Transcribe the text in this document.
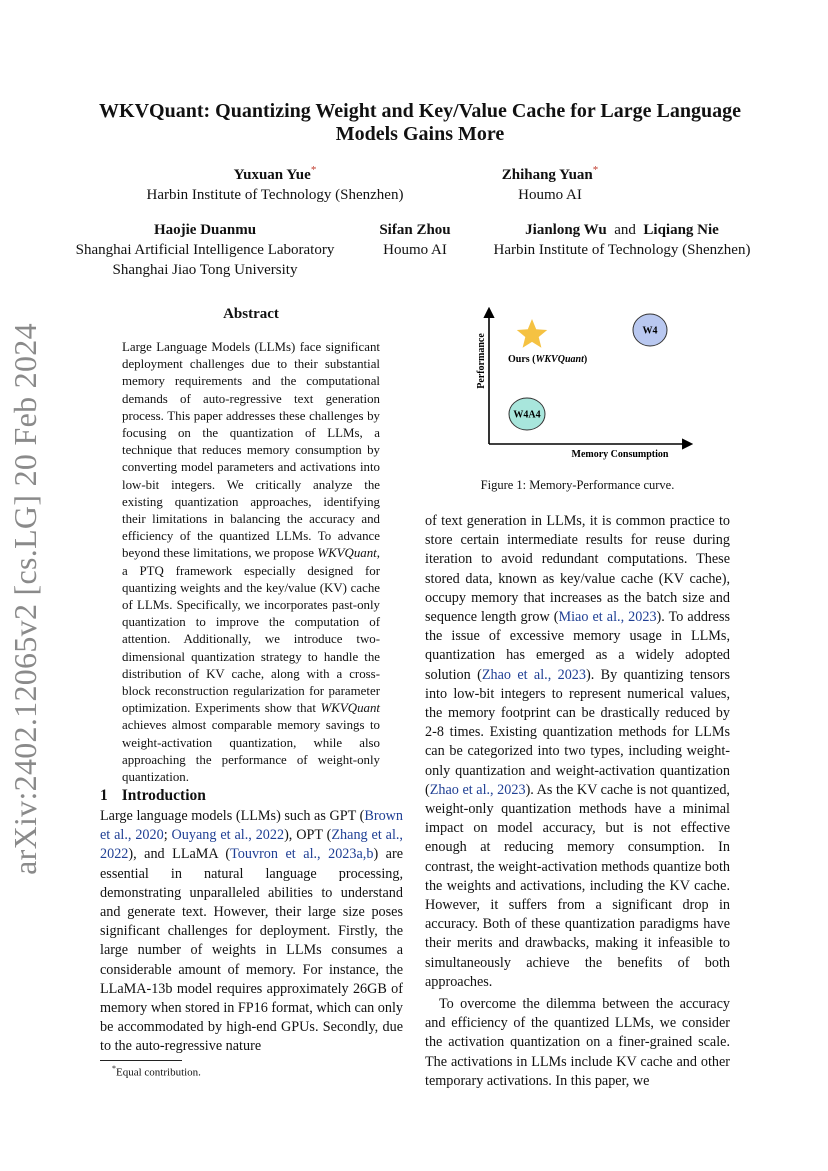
arXiv:2402.12065v2 [cs.LG] 20 Feb 2024
WKVQuant: Quantizing Weight and Key/Value Cache for Large Language
Models Gains More
Yuxuan Yue*
Harbin Institute of Technology (Shenzhen)
Zhihang Yuan*
Houmo AI
Haojie Duanmu
Shanghai Artificial Intelligence Laboratory
Shanghai Jiao Tong University
Sifan Zhou
Houmo AI
Jianlong Wu and Liqiang Nie
Harbin Institute of Technology (Shenzhen)
Abstract
Large Language Models (LLMs) face significant deployment challenges due to their substantial memory requirements and the computational demands of auto-regressive text generation process. This paper addresses these challenges by focusing on the quantization of LLMs, a technique that reduces memory consumption by converting model parameters and activations into low-bit integers. We critically analyze the existing quantization approaches, identifying their limitations in balancing the accuracy and efficiency of the quantized LLMs. To advance beyond these limitations, we propose WKVQuant, a PTQ framework especially designed for quantizing weights and the key/value (KV) cache of LLMs. Specifically, we incorporates past-only quantization to improve the computation of attention. Additionally, we introduce two-dimensional quantization strategy to handle the distribution of KV cache, along with a cross-block reconstruction regularization for parameter optimization. Experiments show that WKVQuant achieves almost comparable memory savings to weight-activation quantization, while also approaching the performance of weight-only quantization.
1 Introduction
Large language models (LLMs) such as GPT (Brown et al., 2020; Ouyang et al., 2022), OPT (Zhang et al., 2022), and LLaMA (Touvron et al., 2023a,b) are essential in natural language processing, demonstrating unparalleled abilities to understand and generate text. However, their large size poses significant challenges for deployment. Firstly, the large number of weights in LLMs consumes a considerable amount of memory. For instance, the LLaMA-13b model requires approximately 26GB of memory when stored in FP16 format, which can only be accommodated by high-end GPUs. Secondly, due to the auto-regressive nature
*Equal contribution.
Performance
Memory Consumption
Ours (WKVQuant)
W4
W4A4
Figure 1: Memory-Performance curve.

of text generation in LLMs, it is common practice to store certain intermediate results for reuse during iteration to avoid redundant computations. These stored data, known as key/value cache (KV cache), occupy memory that increases as the batch size and sequence length grow (Miao et al., 2023). To address the issue of excessive memory usage in LLMs, quantization has emerged as a widely adopted solution (Zhao et al., 2023). By quantizing tensors into low-bit integers to represent numerical values, the memory footprint can be drastically reduced by 2-8 times. Existing quantization methods for LLMs can be categorized into two types, including weight-only quantization and weight-activation quantization (Zhao et al., 2023). As the KV cache is not quantized, weight-only quantization methods have a minimal impact on model accuracy, but is not effective enough at reducing memory consumption. In contrast, the weight-activation methods quantize both the weights and activations, including the KV cache. However, it suffers from a significant drop in accuracy. Both of these quantization paradigms have their merits and drawbacks, making it infeasible to simultaneously achieve the benefits of both approaches.

To overcome the dilemma between the accuracy and efficiency of the quantized LLMs, we consider the activation quantization on a finer-grained scale. The activations in LLMs include KV cache and other temporary activations. In this paper, we
